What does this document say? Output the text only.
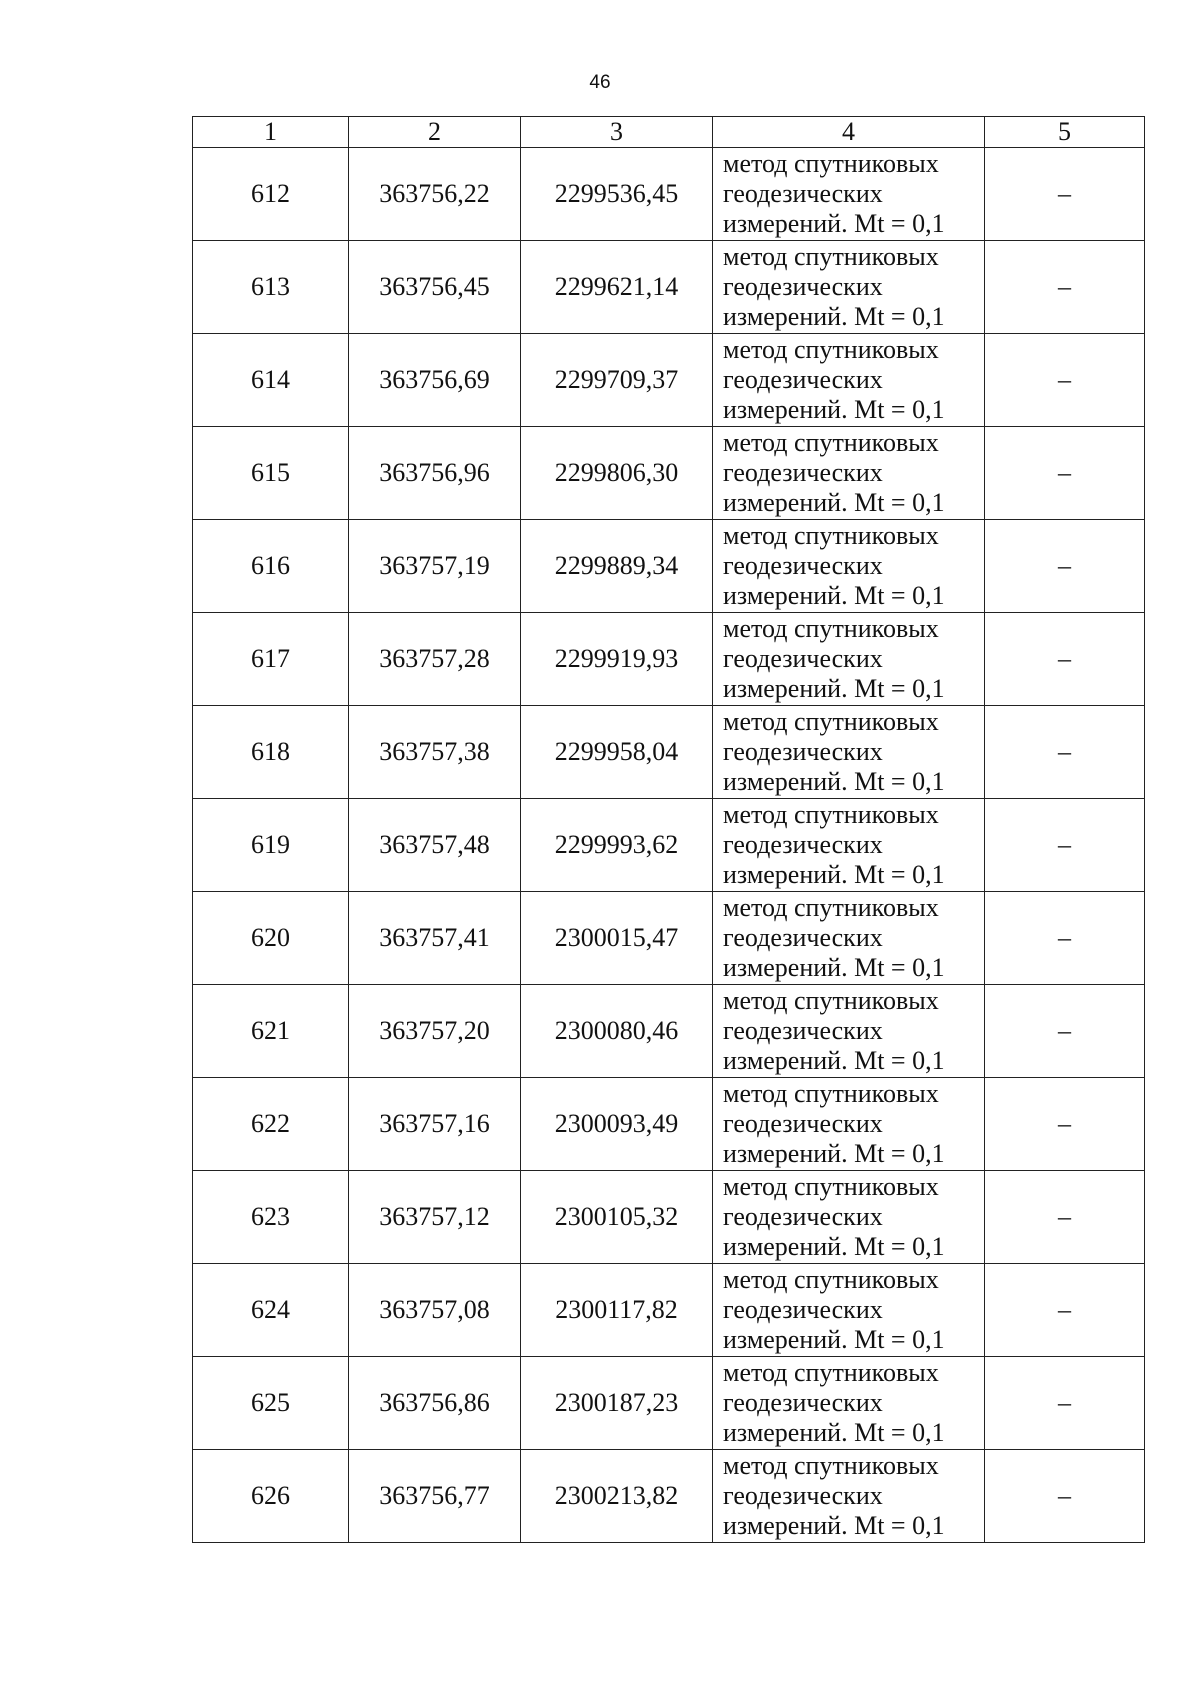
46
1	2	3	4	5
612	363756,22	2299536,45	метод спутниковых
геодезических
измерений. Mt = 0,1	–
613	363756,45	2299621,14	метод спутниковых
геодезических
измерений. Mt = 0,1	–
614	363756,69	2299709,37	метод спутниковых
геодезических
измерений. Mt = 0,1	–
615	363756,96	2299806,30	метод спутниковых
геодезических
измерений. Mt = 0,1	–
616	363757,19	2299889,34	метод спутниковых
геодезических
измерений. Mt = 0,1	–
617	363757,28	2299919,93	метод спутниковых
геодезических
измерений. Mt = 0,1	–
618	363757,38	2299958,04	метод спутниковых
геодезических
измерений. Mt = 0,1	–
619	363757,48	2299993,62	метод спутниковых
геодезических
измерений. Mt = 0,1	–
620	363757,41	2300015,47	метод спутниковых
геодезических
измерений. Mt = 0,1	–
621	363757,20	2300080,46	метод спутниковых
геодезических
измерений. Mt = 0,1	–
622	363757,16	2300093,49	метод спутниковых
геодезических
измерений. Mt = 0,1	–
623	363757,12	2300105,32	метод спутниковых
геодезических
измерений. Mt = 0,1	–
624	363757,08	2300117,82	метод спутниковых
геодезических
измерений. Mt = 0,1	–
625	363756,86	2300187,23	метод спутниковых
геодезических
измерений. Mt = 0,1	–
626	363756,77	2300213,82	метод спутниковых
геодезических
измерений. Mt = 0,1	–
